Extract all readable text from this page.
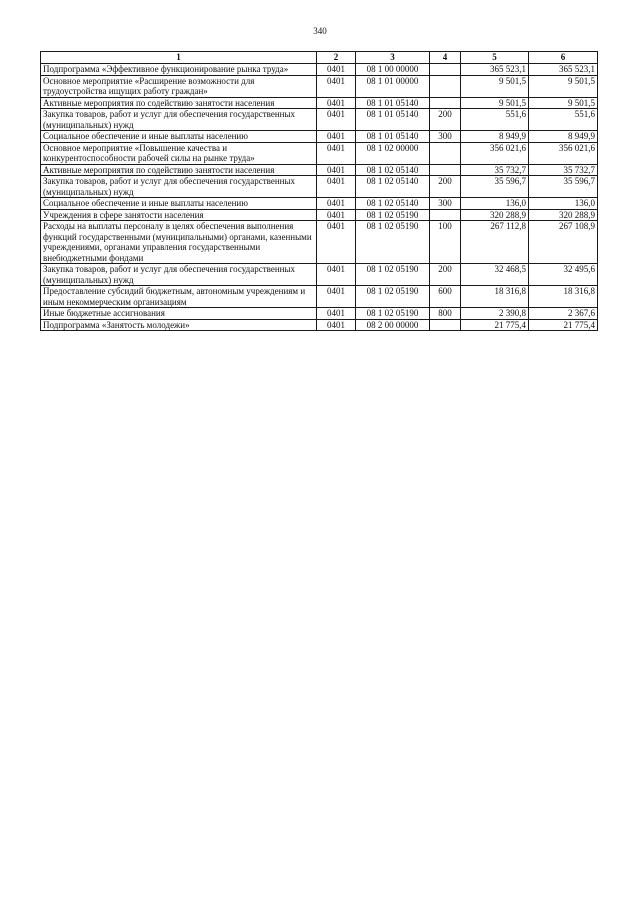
340
1	2	3	4	5	6
Подпрограмма «Эффективное функционирование рынка труда»	0401	08 1 00 00000		365 523,1	365 523,1
Основное мероприятие «Расширение возможности для трудоустройства ищущих работу граждан»	0401	08 1 01 00000		9 501,5	9 501,5
Активные мероприятия по содействию занятости населения	0401	08 1 01 05140		9 501,5	9 501,5
Закупка товаров, работ и услуг для обеспечения государственных (муниципальных) нужд	0401	08 1 01 05140	200	551,6	551,6
Социальное обеспечение и иные выплаты населению	0401	08 1 01 05140	300	8 949,9	8 949,9
Основное мероприятие «Повышение качества и конкурентоспособности рабочей силы на рынке труда»	0401	08 1 02 00000		356 021,6	356 021,6
Активные мероприятия по содействию занятости населения	0401	08 1 02 05140		35 732,7	35 732,7
Закупка товаров, работ и услуг для обеспечения государственных (муниципальных) нужд	0401	08 1 02 05140	200	35 596,7	35 596,7
Социальное обеспечение и иные выплаты населению	0401	08 1 02 05140	300	136,0	136,0
Учреждения в сфере занятости населения	0401	08 1 02 05190		320 288,9	320 288,9
Расходы на выплаты персоналу в целях обеспечения выполнения функций государственными (муниципальными) органами, казенными учреждениями, органами управления государственными внебюджетными фондами	0401	08 1 02 05190	100	267 112,8	267 108,9
Закупка товаров, работ и услуг для обеспечения государственных (муниципальных) нужд	0401	08 1 02 05190	200	32 468,5	32 495,6
Предоставление субсидий бюджетным, автономным учреждениям и иным некоммерческим организациям	0401	08 1 02 05190	600	18 316,8	18 316,8
Иные бюджетные ассигнования	0401	08 1 02 05190	800	2 390,8	2 367,6
Подпрограмма «Занятость молодежи»	0401	08 2 00 00000		21 775,4	21 775,4
